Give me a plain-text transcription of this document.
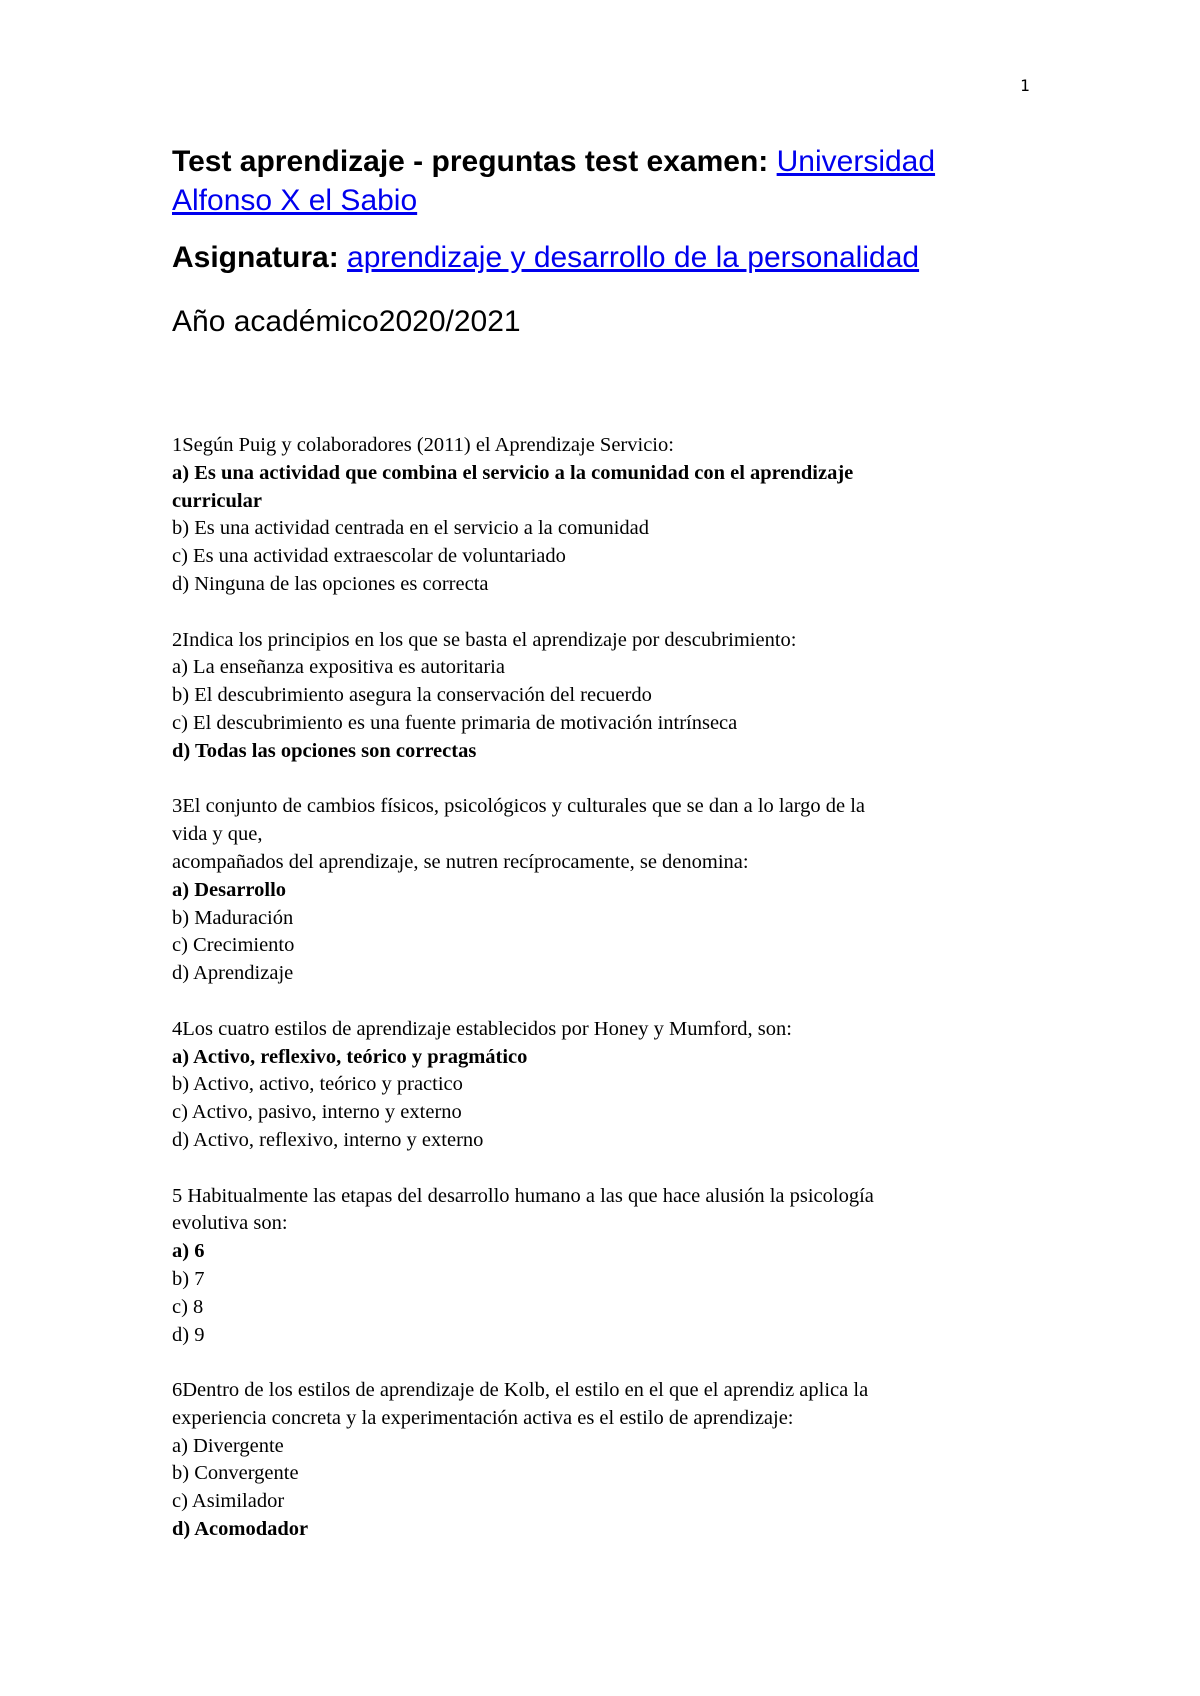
1

Test aprendizaje - preguntas test examen: Universidad
Alfonso X el Sabio

Asignatura: aprendizaje y desarrollo de la personalidad

Año académico2020/2021

1Según Puig y colaboradores (2011) el Aprendizaje Servicio:
a) Es una actividad que combina el servicio a la comunidad con el aprendizaje
curricular
b) Es una actividad centrada en el servicio a la comunidad
c) Es una actividad extraescolar de voluntariado
d) Ninguna de las opciones es correcta
2Indica los principios en los que se basta el aprendizaje por descubrimiento:
a) La enseñanza expositiva es autoritaria
b) El descubrimiento asegura la conservación del recuerdo
c) El descubrimiento es una fuente primaria de motivación intrínseca
d) Todas las opciones son correctas
3El conjunto de cambios físicos, psicológicos y culturales que se dan a lo largo de la
vida y que,
acompañados del aprendizaje, se nutren recíprocamente, se denomina:
a) Desarrollo
b) Maduración
c) Crecimiento
d) Aprendizaje
4Los cuatro estilos de aprendizaje establecidos por Honey y Mumford, son:
a) Activo, reflexivo, teórico y pragmático
b) Activo, activo, teórico y practico
c) Activo, pasivo, interno y externo
d) Activo, reflexivo, interno y externo
5 Habitualmente las etapas del desarrollo humano a las que hace alusión la psicología
evolutiva son:
a) 6
b) 7
c) 8
d) 9
6Dentro de los estilos de aprendizaje de Kolb, el estilo en el que el aprendiz aplica la
experiencia concreta y la experimentación activa es el estilo de aprendizaje:
a) Divergente
b) Convergente
c) Asimilador
d) Acomodador
